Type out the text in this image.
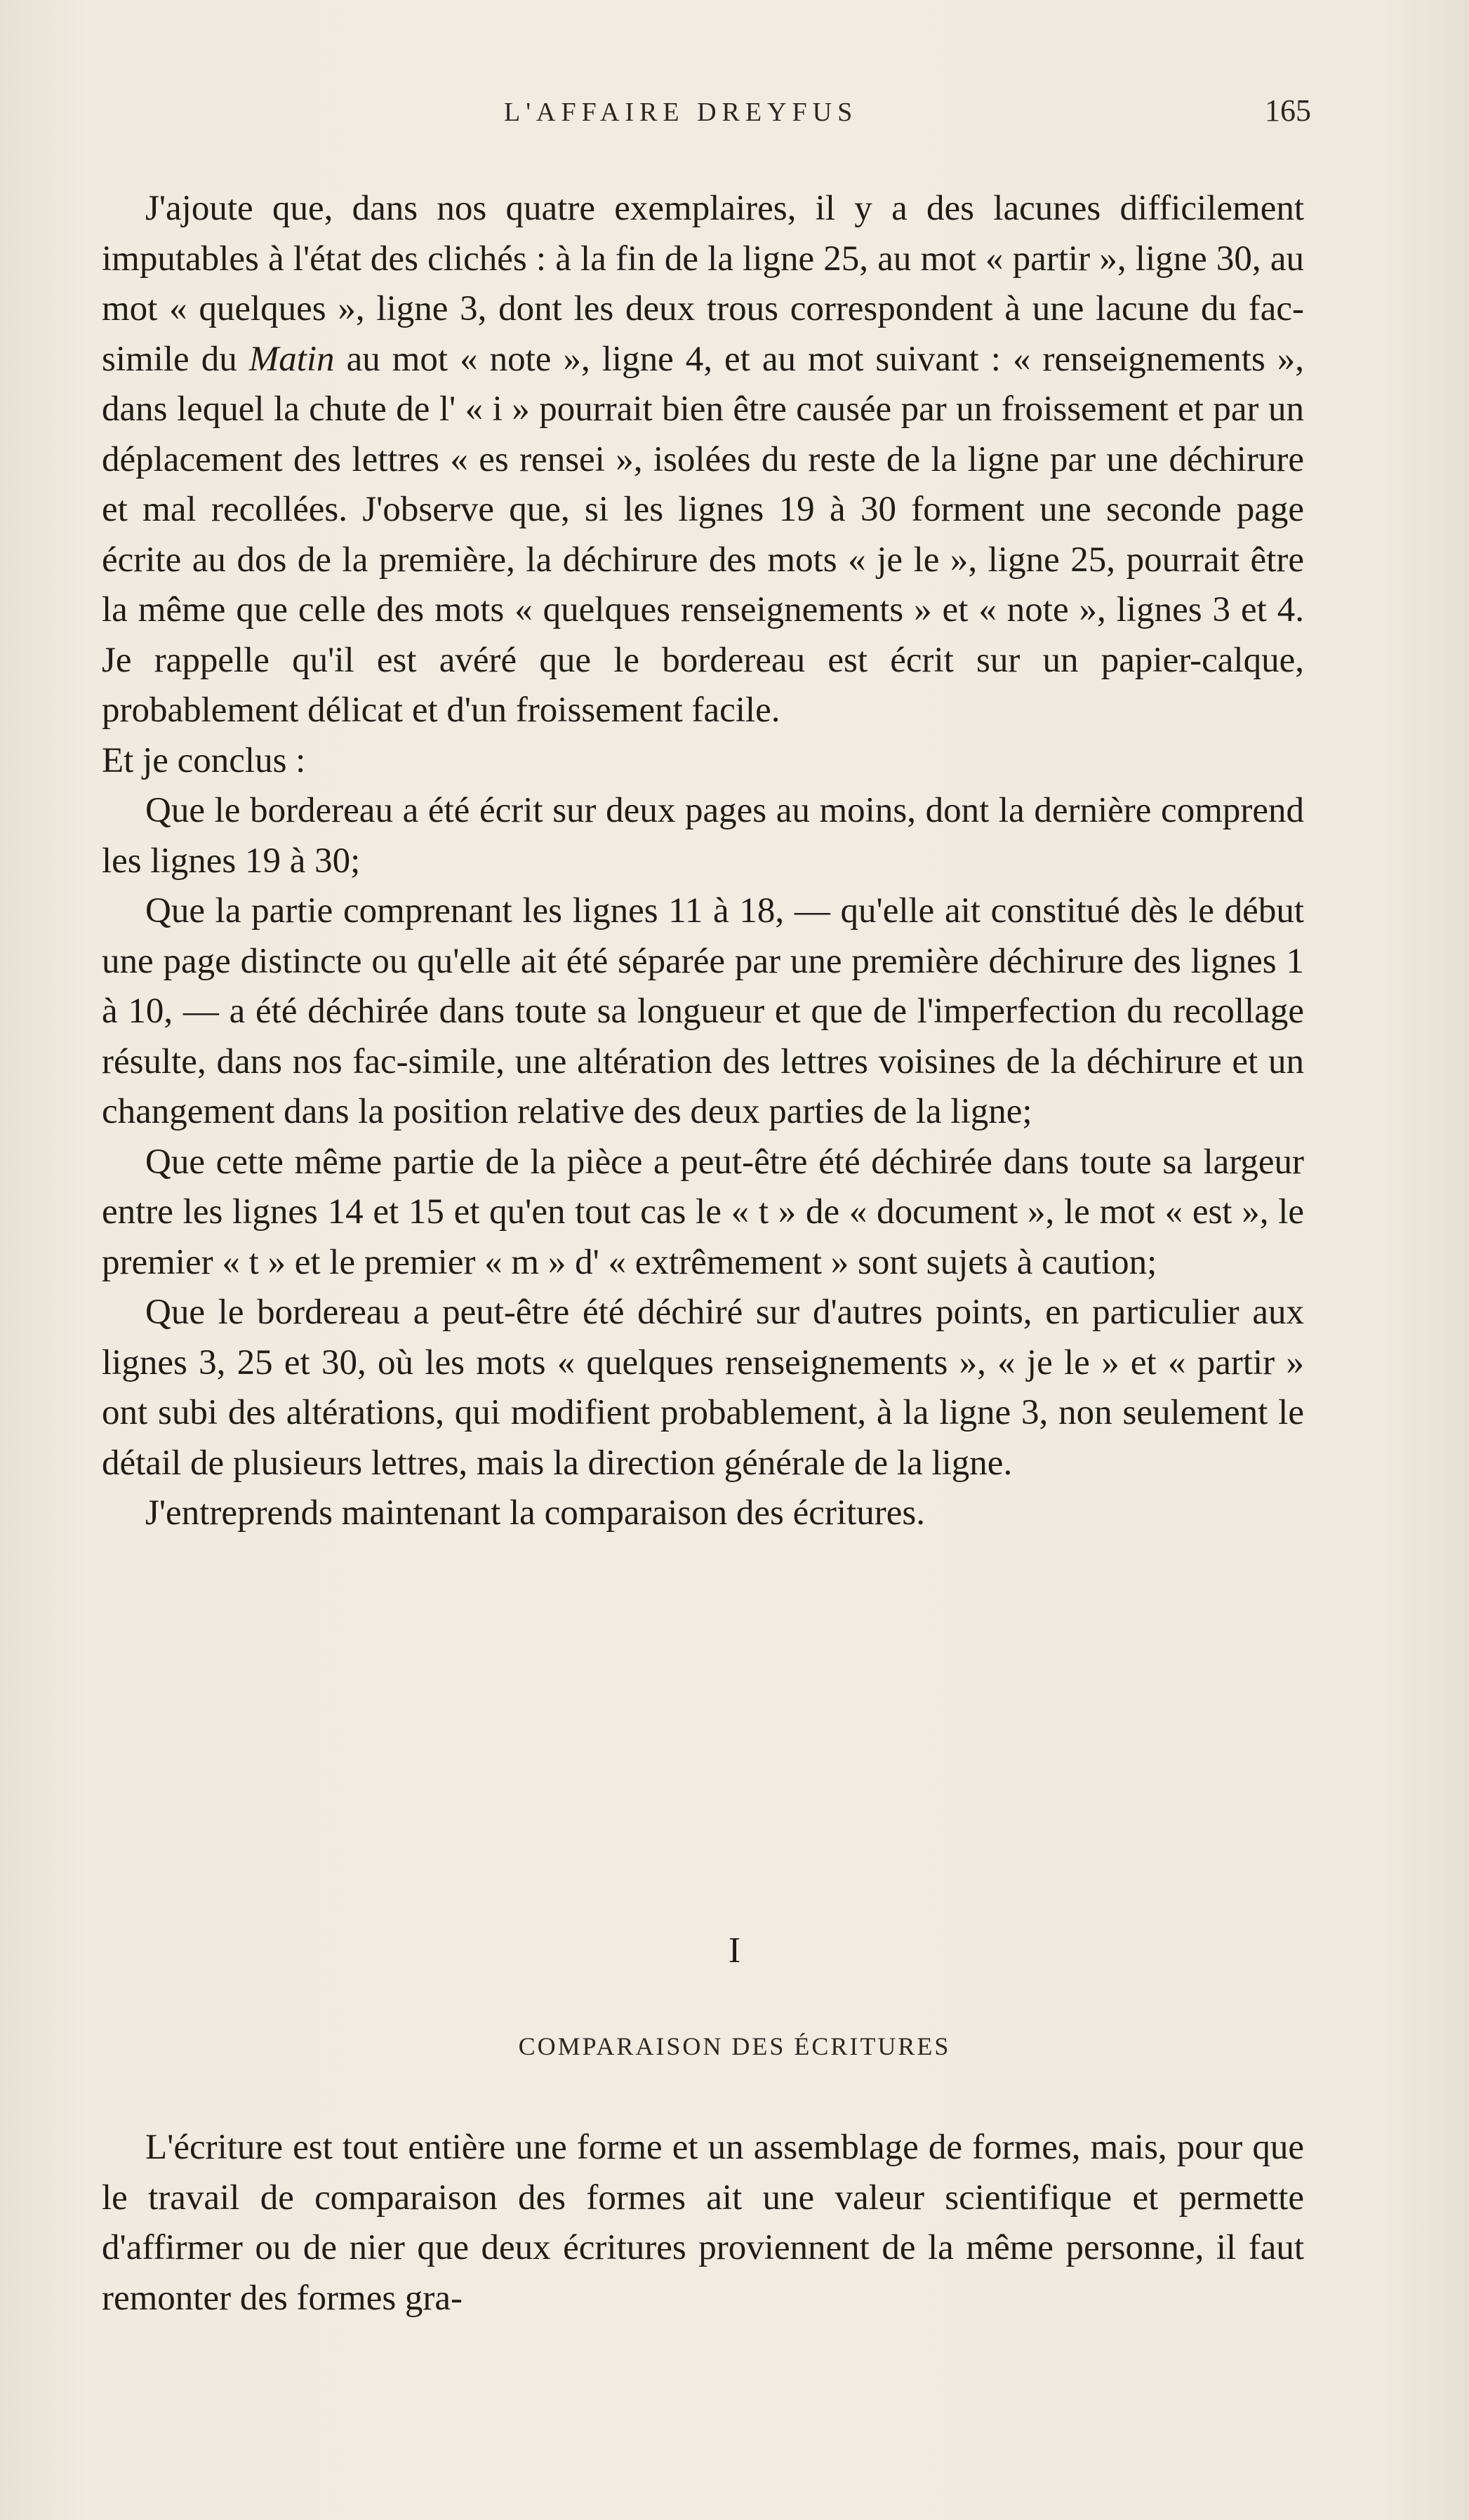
L'AFFAIRE DREYFUS	165

J'ajoute que, dans nos quatre exemplaires, il y a des lacunes difficilement imputables à l'état des clichés : à la fin de la ligne 25, au mot « partir », ligne 30, au mot « quelques », ligne 3, dont les deux trous correspondent à une lacune du fac-simile du Matin au mot « note », ligne 4, et au mot suivant : « renseignements », dans lequel la chute de l' « i » pourrait bien être causée par un froissement et par un déplacement des lettres « es rensei », isolées du reste de la ligne par une déchirure et mal recollées. J'observe que, si les lignes 19 à 30 forment une seconde page écrite au dos de la première, la déchirure des mots « je le », ligne 25, pourrait être la même que celle des mots « quelques renseignements » et « note », lignes 3 et 4. Je rappelle qu'il est avéré que le bordereau est écrit sur un papier-calque, probablement délicat et d'un froissement facile.

Et je conclus :

Que le bordereau a été écrit sur deux pages au moins, dont la dernière comprend les lignes 19 à 30;

Que la partie comprenant les lignes 11 à 18, — qu'elle ait constitué dès le début une page distincte ou qu'elle ait été séparée par une première déchirure des lignes 1 à 10, — a été déchirée dans toute sa longueur et que de l'imperfection du recollage résulte, dans nos fac-simile, une altération des lettres voisines de la déchirure et un changement dans la position relative des deux parties de la ligne;

Que cette même partie de la pièce a peut-être été déchirée dans toute sa largeur entre les lignes 14 et 15 et qu'en tout cas le « t » de « document », le mot « est », le premier « t » et le premier « m » d' « extrêmement » sont sujets à caution;

Que le bordereau a peut-être été déchiré sur d'autres points, en particulier aux lignes 3, 25 et 30, où les mots « quelques renseignements », « je le » et « partir » ont subi des altérations, qui modifient probablement, à la ligne 3, non seulement le détail de plusieurs lettres, mais la direction générale de la ligne.

J'entreprends maintenant la comparaison des écritures.

I
COMPARAISON DES ÉCRITURES

L'écriture est tout entière une forme et un assemblage de formes, mais, pour que le travail de comparaison des formes ait une valeur scientifique et permette d'affirmer ou de nier que deux écritures proviennent de la même personne, il faut remonter des formes gra-
